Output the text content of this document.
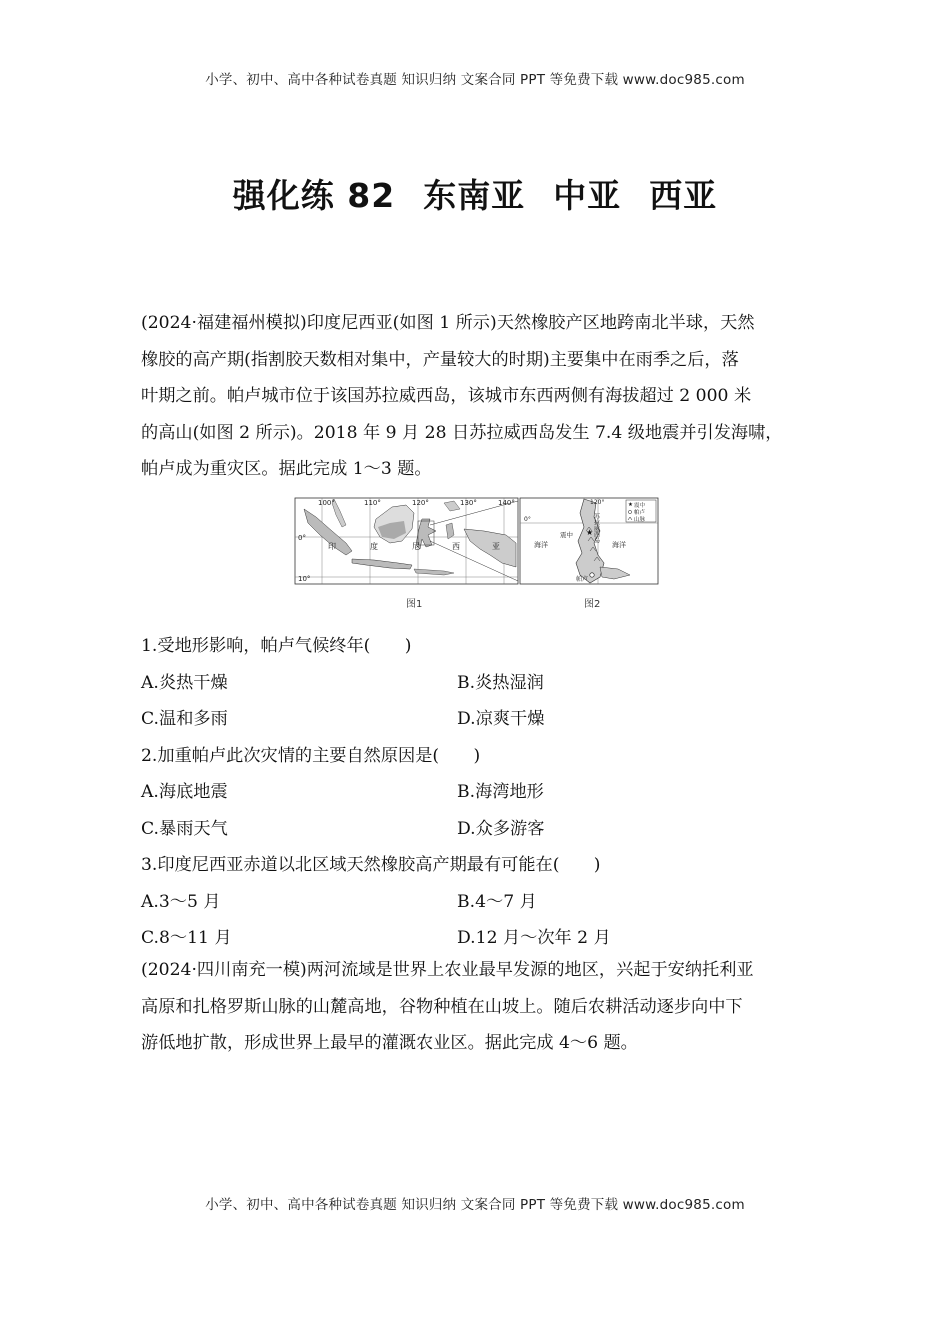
小学、初中、高中各种试卷真题 知识归纳 文案合同 PPT 等免费下载 www.doc985.com
强化练 82 东南亚 中亚 西亚
(2024·福建福州模拟)印度尼西亚(如图 1 所示)天然橡胶产区地跨南北半球，天然
橡胶的高产期(指割胶天数相对集中，产量较大的时期)主要集中在雨季之后，落
叶期之前。帕卢城市位于该国苏拉威西岛，该城市东西两侧有海拔超过 2 000 米
的高山(如图 2 所示)。2018 年 9 月 28 日苏拉威西岛发生 7.4 级地震并引发海啸，
帕卢成为重灾区。据此完成 1～3 题。
100°	110°	120°	130°	140°
0°
10°
印	度	尼	西	亚
★
★
120°
0°
海洋	海洋
震中
帕卢
苏拉威西岛
震中
帕卢
山脉
图1	图2
1.受地形影响，帕卢气候终年(　　)
A.炎热干燥	B.炎热湿润
C.温和多雨	D.凉爽干燥
2.加重帕卢此次灾情的主要自然原因是(　　)
A.海底地震	B.海湾地形
C.暴雨天气	D.众多游客
3.印度尼西亚赤道以北区域天然橡胶高产期最有可能在(　　)
A.3～5 月	B.4～7 月
C.8～11 月	D.12 月～次年 2 月
(2024·四川南充一模)两河流域是世界上农业最早发源的地区，兴起于安纳托利亚
高原和扎格罗斯山脉的山麓高地，谷物种植在山坡上。随后农耕活动逐步向中下
游低地扩散，形成世界上最早的灌溉农业区。据此完成 4～6 题。
小学、初中、高中各种试卷真题 知识归纳 文案合同 PPT 等免费下载 www.doc985.com
